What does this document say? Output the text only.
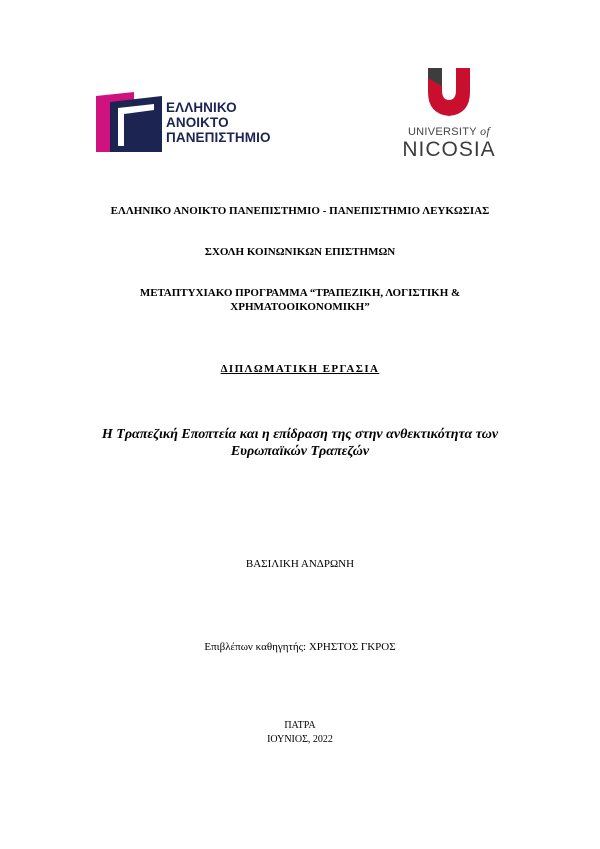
ΕΛΛΗΝΙΚΟ
ΑΝΟΙΚΤΟ
ΠΑΝΕΠΙΣΤΗΜΙΟ	UNIVERSITY of
NICOSIA
ΕΛΛΗΝΙΚΟ ΑΝΟΙΚΤΟ ΠΑΝΕΠΙΣΤΗΜΙΟ - ΠΑΝΕΠΙΣΤΗΜΙΟ ΛΕΥΚΩΣΙΑΣ
ΣΧΟΛΗ ΚΟΙΝΩΝΙΚΩΝ ΕΠΙΣΤΗΜΩΝ
ΜΕΤΑΠΤΥΧΙΑΚΟ ΠΡΟΓΡΑΜΜΑ “ΤΡΑΠΕΖΙΚΗ, ΛΟΓΙΣΤΙΚΗ &
ΧΡΗΜΑΤΟΟΙΚΟΝΟΜΙΚΗ”
ΔΙΠΛΩΜΑΤΙΚΗ ΕΡΓΑΣΙΑ
Η Τραπεζική Εποπτεία και η επίδραση της στην ανθεκτικότητα των
Ευρωπαϊκών Τραπεζών
ΒΑΣΙΛΙΚΗ ΑΝΔΡΩΝΗ
Επιβλέπων καθηγητής: ΧΡΗΣΤΟΣ ΓΚΡΟΣ
ΠΑΤΡΑ
ΙΟΥΝΙΟΣ, 2022
